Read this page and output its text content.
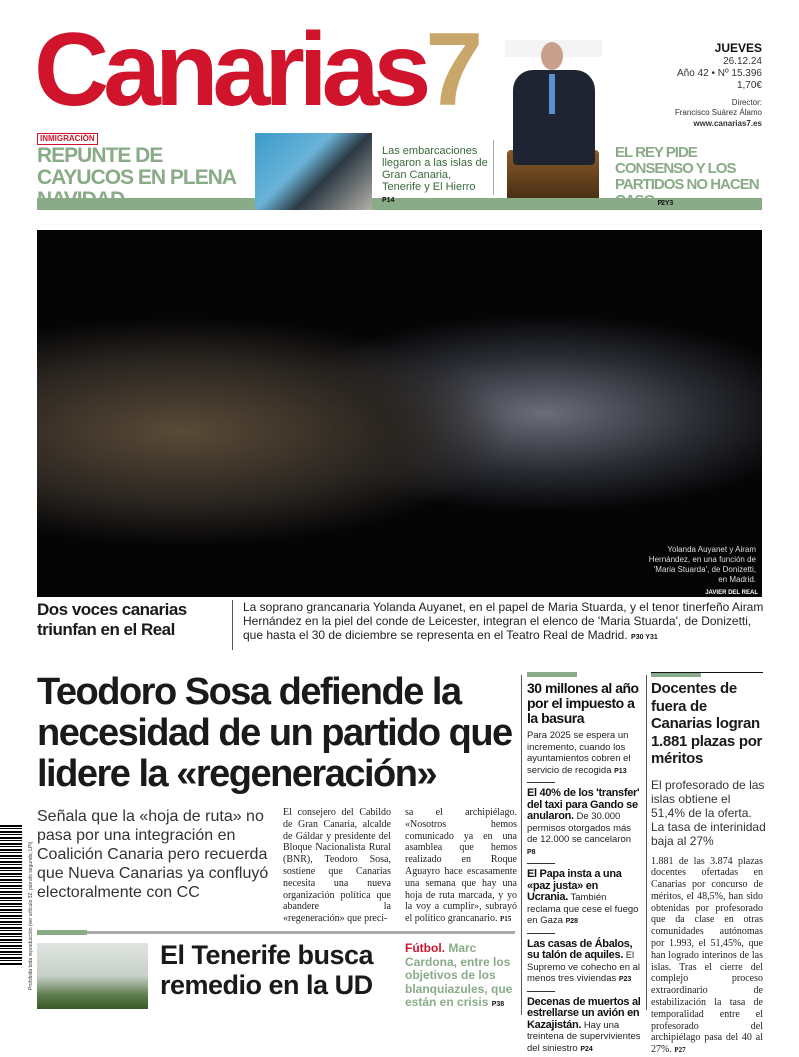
Canarias7	JUEVES
26.12.24
Año 42 • Nº 15.396
1,70€
Director:
Francisco Suárez Álamo
www.canarias7.es
INMIGRACIÓN
REPUNTE DE CAYUCOS EN PLENA NAVIDAD
Las embarcaciones llegaron a las islas de Gran Canaria, Tenerife y El Hierro P14
EL REY PIDE CONSENSO Y LOS PARTIDOS NO HACEN CASO P2 Y 3
Yolanda Auyanet y Airam Hernández, en una función de 'Maria Stuarda', de Donizetti, en Madrid.
JAVIER DEL REAL
Dos voces canarias triunfan en el Real
La soprano grancanaria Yolanda Auyanet, en el papel de Maria Stuarda, y el tenor tinerfeño Airam Hernández en la piel del conde de Leicester, integran el elenco de 'Maria Stuarda', de Donizetti, que hasta el 30 de diciembre se representa en el Teatro Real de Madrid. P30 Y31
Teodoro Sosa defiende la necesidad de un partido que lidere la «regeneración»
Señala que la «hoja de ruta» no pasa por una integración en Coalición Canaria pero recuerda que Nueva Canarias ya confluyó electoralmente con CC
El consejero del Cabildo de Gran Canaria, alcalde de Gáldar y presidente del Bloque Nacionalista Rural (BNR), Teodoro Sosa, sostiene que Canarias necesita una nueva organización política que abandere la «regeneración» que preci-
sa el archipiélago. «Nosotros hemos comunicado ya en una asamblea que hemos realizado en Roque Aguayro hace escasamente una semana que hay una hoja de ruta marcada, y yo la voy a cumplir», subrayó el político grancanario. P15
El Tenerife busca remedio en la UD
Fútbol. Marc Cardona, entre los objetivos de los blanquiazules, que están en crisis P38
30 millones al año por el impuesto a la basura
Para 2025 se espera un incremento, cuando los ayuntamientos cobren el servicio de recogida P13
El 40% de los 'transfer' del taxi para Gando se anularon. De 30.000 permisos otorgados más de 12.000 se cancelaron P8
El Papa insta a una «paz justa» en Ucrania. También reclama que cese el fuego en Gaza P28
Las casas de Ábalos, su talón de aquiles. El Supremo ve cohecho en al menos tres viviendas P23
Decenas de muertos al estrellarse un avión en Kazajistán. Hay una treintena de supervivientes del siniestro P24
Docentes de fuera de Canarias logran 1.881 plazas por méritos
El profesorado de las islas obtiene el 51,4% de la oferta. La tasa de interinidad baja al 27%
1.881 de las 3.874 plazas docentes ofertadas en Canarias por concurso de méritos, el 48,5%, han sido obtenidas por profesorado que da clase en otras comunidades autónomas por 1.993, el 51,45%, que han logrado interinos de las islas. Tras el cierre del complejo proceso extraordinario de estabilización la tasa de temporalidad entre el profesorado del archipiélago pasa del 40 al 27%. P27
Prohibida toda reproducción (ver artículo 32, párrafo segundo, LPI)
